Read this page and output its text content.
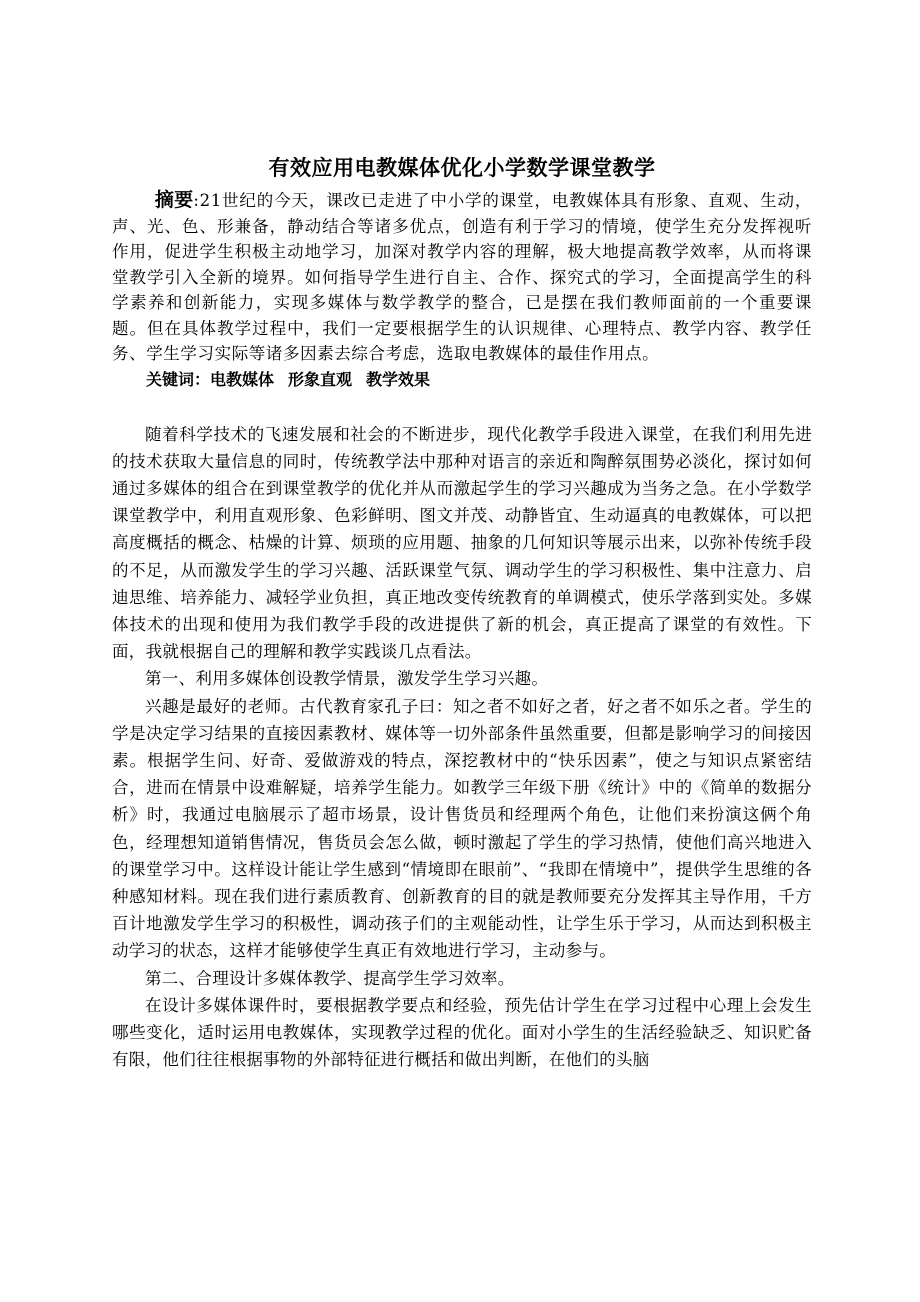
有效应用电教媒体优化小学数学课堂教学

摘要:21世纪的今天，课改已走进了中小学的课堂，电教媒体具有形象、直观、生动，声、光、色、形兼备，静动结合等诸多优点，创造有利于学习的情境，使学生充分发挥视听作用，促进学生积极主动地学习，加深对教学内容的理解，极大地提高教学效率，从而将课堂教学引入全新的境界。如何指导学生进行自主、合作、探究式的学习，全面提高学生的科学素养和创新能力，实现多媒体与数学教学的整合，已是摆在我们教师面前的一个重要课题。但在具体教学过程中，我们一定要根据学生的认识规律、心理特点、教学内容、教学任务、学生学习实际等诸多因素去综合考虑，选取电教媒体的最佳作用点。

关键词：电教媒体 形象直观 教学效果

随着科学技术的飞速发展和社会的不断进步，现代化教学手段进入课堂，在我们利用先进的技术获取大量信息的同时，传统教学法中那种对语言的亲近和陶醉氛围势必淡化，探讨如何通过多媒体的组合在到课堂教学的优化并从而激起学生的学习兴趣成为当务之急。在小学数学课堂教学中，利用直观形象、色彩鲜明、图文并茂、动静皆宜、生动逼真的电教媒体，可以把高度概括的概念、枯燥的计算、烦琐的应用题、抽象的几何知识等展示出来，以弥补传统手段的不足，从而激发学生的学习兴趣、活跃课堂气氛、调动学生的学习积极性、集中注意力、启迪思维、培养能力、减轻学业负担，真正地改变传统教育的单调模式，使乐学落到实处。多媒体技术的出现和使用为我们教学手段的改进提供了新的机会，真正提高了课堂的有效性。下面，我就根据自己的理解和教学实践谈几点看法。

第一、利用多媒体创设教学情景，激发学生学习兴趣。

兴趣是最好的老师。古代教育家孔子曰：知之者不如好之者，好之者不如乐之者。学生的学是决定学习结果的直接因素教材、媒体等一切外部条件虽然重要，但都是影响学习的间接因素。根据学生问、好奇、爱做游戏的特点，深挖教材中的“快乐因素”，使之与知识点紧密结合，进而在情景中设难解疑，培养学生能力。如教学三年级下册《统计》中的《简单的数据分析》时，我通过电脑展示了超市场景，设计售货员和经理两个角色，让他们来扮演这俩个角色，经理想知道销售情况，售货员会怎么做，顿时激起了学生的学习热情，使他们高兴地进入的课堂学习中。这样设计能让学生感到“情境即在眼前”、“我即在情境中”，提供学生思维的各种感知材料。现在我们进行素质教育、创新教育的目的就是教师要充分发挥其主导作用，千方百计地激发学生学习的积极性，调动孩子们的主观能动性，让学生乐于学习，从而达到积极主动学习的状态，这样才能够使学生真正有效地进行学习，主动参与。

第二、合理设计多媒体教学、提高学生学习效率。

在设计多媒体课件时，要根据教学要点和经验，预先估计学生在学习过程中心理上会发生哪些变化，适时运用电教媒体，实现教学过程的优化。面对小学生的生活经验缺乏、知识贮备有限，他们往往根据事物的外部特征进行概括和做出判断，在他们的头脑
